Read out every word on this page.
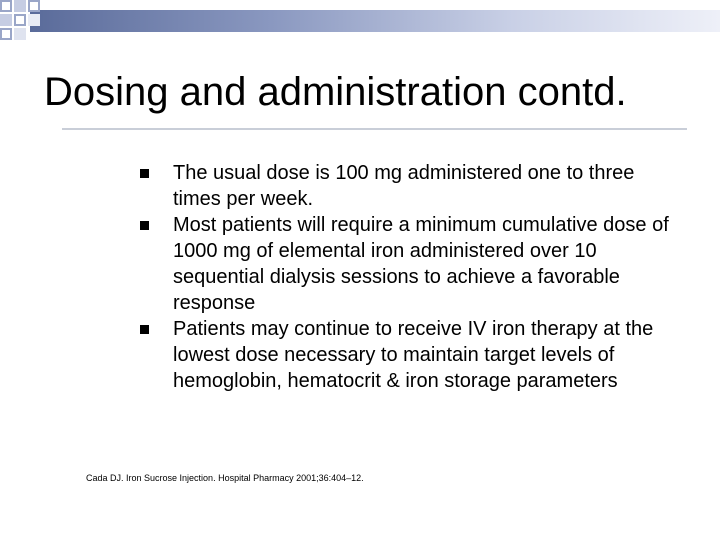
Dosing and administration contd.
The usual dose is 100 mg administered one to three times per week.
Most patients will require a minimum cumulative dose of 1000 mg of elemental iron administered over 10 sequential dialysis sessions to achieve a favorable response
Patients may continue to receive IV iron therapy at the lowest dose necessary to maintain target levels of hemoglobin, hematocrit & iron storage parameters
Cada DJ. Iron Sucrose Injection. Hospital Pharmacy 2001;36:404–12.
